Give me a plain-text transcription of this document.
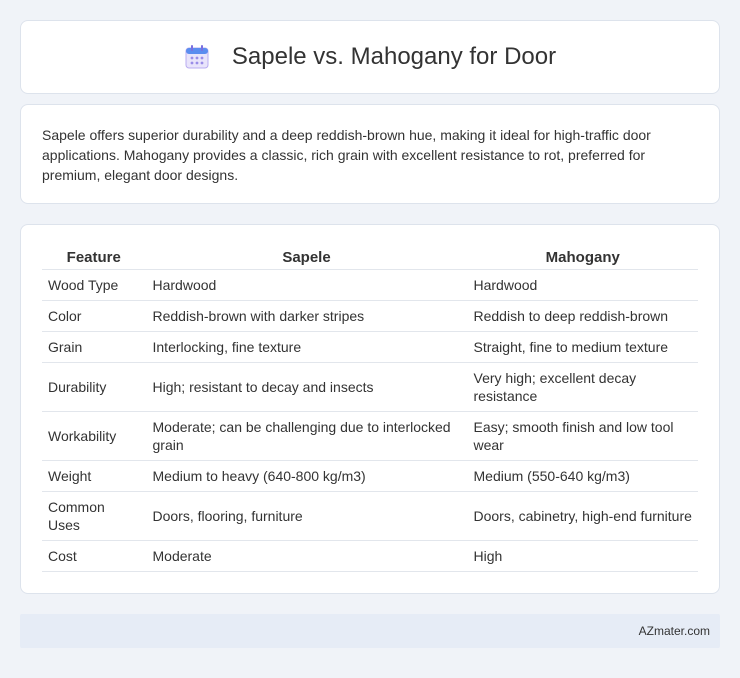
Sapele vs. Mahogany for Door

Sapele offers superior durability and a deep reddish-brown hue, making it ideal for high-traffic door applications. Mahogany provides a classic, rich grain with excellent resistance to rot, preferred for premium, elegant door designs.

Feature	Sapele	Mahogany
Wood Type	Hardwood	Hardwood
Color	Reddish-brown with darker stripes	Reddish to deep reddish-brown
Grain	Interlocking, fine texture	Straight, fine to medium texture
Durability	High; resistant to decay and insects	Very high; excellent decay resistance
Workability	Moderate; can be challenging due to interlocked grain	Easy; smooth finish and low tool wear
Weight	Medium to heavy (640-800 kg/m3)	Medium (550-640 kg/m3)
Common Uses	Doors, flooring, furniture	Doors, cabinetry, high-end furniture
Cost	Moderate	High
AZmater.com
